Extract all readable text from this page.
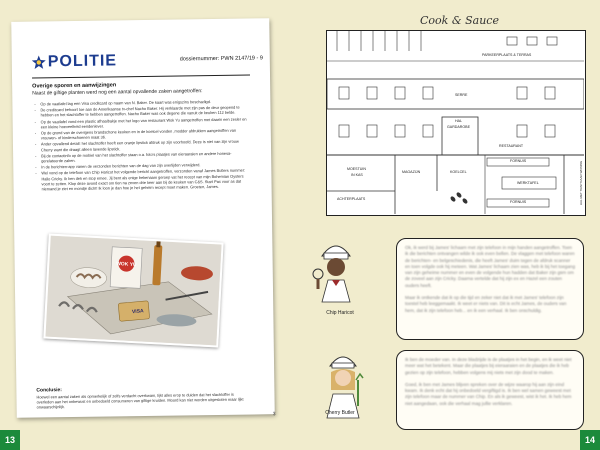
POLITIE	dossiernummer: PWN 2147/19 - 9
Overige sporen en aanwijzingen
Naast de giftige planten werd nog een aantal opvallende zaken aangetroffen:
- Op de vaatlafel lag een Visa creditcard op naam van N. Baker. De kaart was enigszins beschadigd.
- De creditcard behoort toe aan de Amerikaanse tv-chef Nacho Baker. Hij verklaarde met zijn pas de deur geopend te hebben en het slachtoffer te hebben aangetroffen. Nacho Baker was ook degene die vanuit de keuken 112 belde.
- Op de vaatlafel vond een plastic afhaalbakje met het logo van restaurant Wok Yu aangetroffen met daarin een zesler en een kleine hoeveelheid eendenlever.
- Op de grond van de overigens brandschone keuken en in de koelcel vonden ,modder afdrukken aangetroffen van vrouwen- of kinderschoenen maat 36.
- Ander opvallend detail: het slachtoffer heeft een oranje lipstick afdruk op zijn voorhoofd. Deze is niet van zijn vrouw Cherry want die draagt alleen lavende lipstick.
- Bij de contactinfo op de mobiel van het slachtoffer staan o.a. foto's plaatjes van eieraaraien en andere honesa-gerelateerde zaken.
- In de berichten-app vanen de verzonden berichten van de dag van zijn overlijden verwijderd.
- Wel vond op de telefoon van Chip Haricot het volgende bericht aangetroffen, verzonden vanaf James Butlers nummer: Hallo Cricky. Ik ben dek en stop emee. Jij bent als enige bekenaam geroep vat het recept van mijn Bohemian Oysters voort te zetten. Klop deze avond exact om tien na zeven drie keer aan bij de keuken van C&S. Start Pax voor as dat niemand je ziet en mondje dicht! Ik loon je dan hoe je het geheim recept moet maken. Groeten, James.
Conclusie:
Hoewel een aantal zaken als opmerkelijk of zelfs verdacht overkwam, lijkt alles erop te duiden dat het slachtoffer is overleden aan het onbewust en onbedoeld consumeren van giftige kruiden. Moord kan niet worden uitgesloten maar lijkt onwaarschijnlijk.
3
WOK YU
VISA
13
Cook & Sauce
PARKEERPLAATS & TERRAS
SERRE
HAL
GARDAROBE
RESTAURANT
FORNUIS
MOESTUIN
IN KAS
MAGAZIJN	KOELCEL
WERKTAFEL
ACHTERPLAATS
FORNUIS	HAL MET TRAP NAAR WONING
Chip Haricot

Ok, ik werd bij James' lichaam met zijn telefoon in mijn handen aangetroffen. Toen ik die berichten ontvangen wilde ik ook even bellen. De vlaggen met telefoon waren de berichten- en belgeschiedenis, die heeft James' duim tegen de afdruk scanner en toen volgde ook hij meteen. Wat James' lichaam zien was, heb ik bij het toegang van zijn geheime nummer en even de volgende hun hadden dat Baker zijn gsm om de zoveel aan zijn Cricky. Daarna vertelde dat hij zijn ex en Hazel een zouten ouders heeft.

Maar ik ontkende dat ik op die tijd en zeker niet dat ik met James' telefoon zijn toestel heb leeggemaakt. Ik weet er niets van. Dit is echt James, de ouders van hem, dat ik zijn telefoon heb... en ik een verhaal. Ik ben onschuldig.

Cherry Butler

Ik ben de moeder van. In deze bladzijde is de plaatjes in het begin, en ik weet niet meer wat het betekent. Maar die plaatjes bij eieraaraien en de plaatjes die ik heb gezien op zijn telefoon, hebben volgens mij niets met zijn dood te maken.

Goed, ik ben met James blijven spreken over de wijze waarop hij aan zijn eind kwam. Ik denk echt dat hij onbedoeld vergiftigd is. Ik ben wel samen geweest met zijn telefoon maar de nummer van Chip. En als ik geweest, wist ik het. Ik heb hem niet aangedaan, ook die verhaal mag jullie verklaren.

14
